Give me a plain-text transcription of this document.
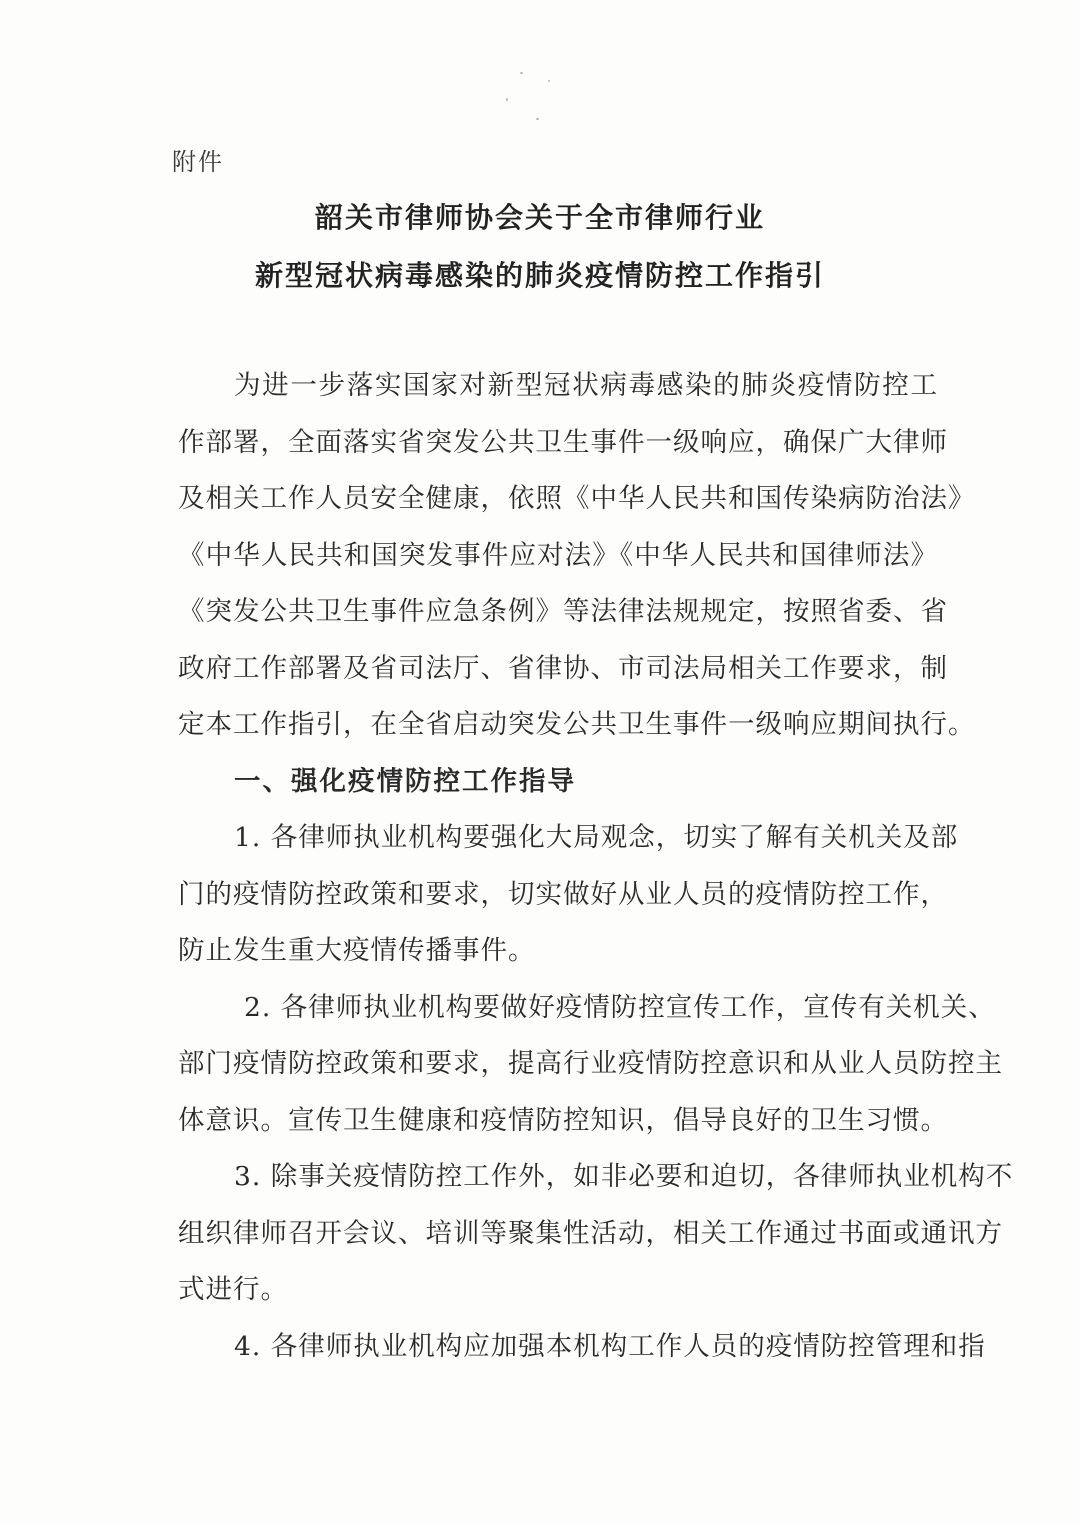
附件
韶关市律师协会关于全市律师行业
新型冠状病毒感染的肺炎疫情防控工作指引
为进一步落实国家对新型冠状病毒感染的肺炎疫情防控工
作部署，全面落实省突发公共卫生事件一级响应，确保广大律师
及相关工作人员安全健康，依照《中华人民共和国传染病防治法》
《中华人民共和国突发事件应对法》《中华人民共和国律师法》
《突发公共卫生事件应急条例》等法律法规规定，按照省委、省
政府工作部署及省司法厅、省律协、市司法局相关工作要求，制
定本工作指引，在全省启动突发公共卫生事件一级响应期间执行。
一、强化疫情防控工作指导
1. 各律师执业机构要强化大局观念，切实了解有关机关及部
门的疫情防控政策和要求，切实做好从业人员的疫情防控工作，
防止发生重大疫情传播事件。
2. 各律师执业机构要做好疫情防控宣传工作，宣传有关机关、
部门疫情防控政策和要求，提高行业疫情防控意识和从业人员防控主
体意识。宣传卫生健康和疫情防控知识，倡导良好的卫生习惯。
3. 除事关疫情防控工作外，如非必要和迫切，各律师执业机构不
组织律师召开会议、培训等聚集性活动，相关工作通过书面或通讯方
式进行。
4. 各律师执业机构应加强本机构工作人员的疫情防控管理和指
